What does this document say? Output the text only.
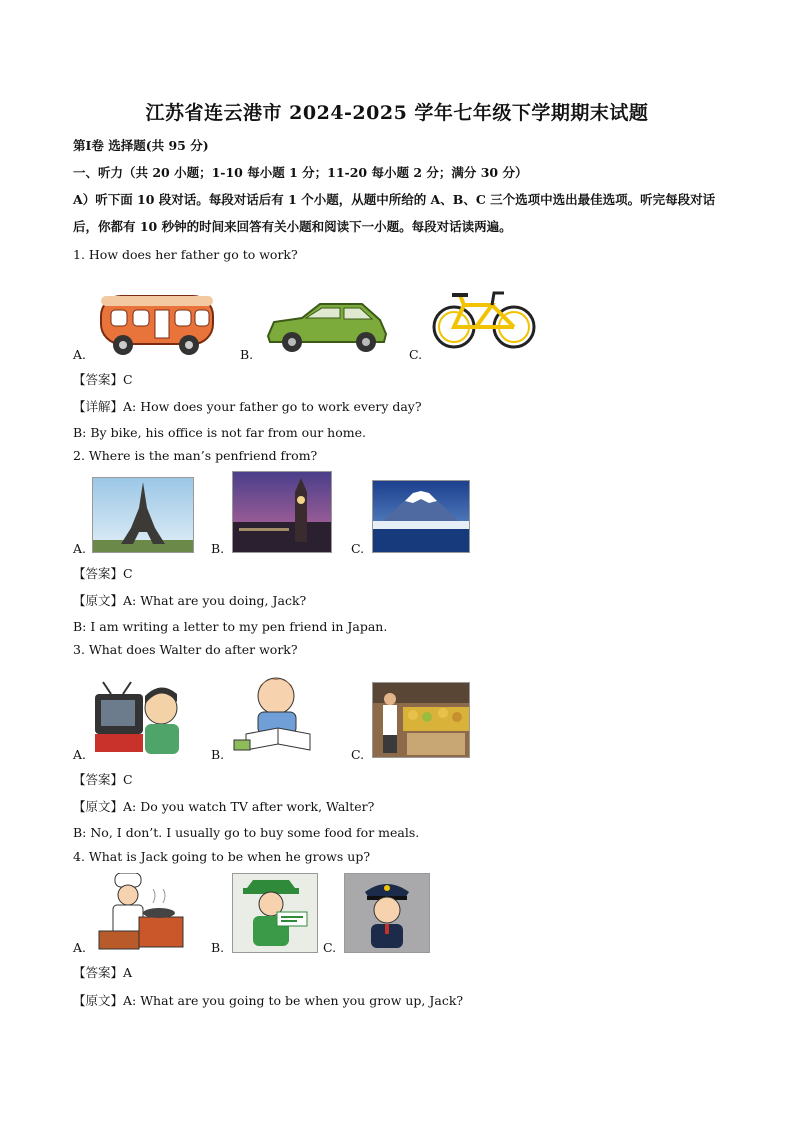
江苏省连云港市 2024-2025 学年七年级下学期期末试题
第Ⅰ卷 选择题(共 95 分)
一、听力（共 20 小题；1-10 每小题 1 分；11-20 每小题 2 分；满分 30 分）
A）听下面 10 段对话。每段对话后有 1 个小题，从题中所给的 A、B、C 三个选项中选出最佳选项。听完每段对话后，你都有 10 秒钟的时间来回答有关小题和阅读下一小题。每段对话读两遍。
1. How does her father go to work?
A.	B.	C.
【答案】C
【详解】A: How does your father go to work every day?
B: By bike, his office is not far from our home.
2. Where is the man’s penfriend from?
A.	B.	C.
【答案】C
【原文】A: What are you doing, Jack?
B: I am writing a letter to my pen friend in Japan.
3. What does Walter do after work?
A.	B.	C.
【答案】C
【原文】A: Do you watch TV after work, Walter?
B: No, I don’t. I usually go to buy some food for meals.
4. What is Jack going to be when he grows up?
A.	B.	C.
【答案】A
【原文】A: What are you going to be when you grow up, Jack?
